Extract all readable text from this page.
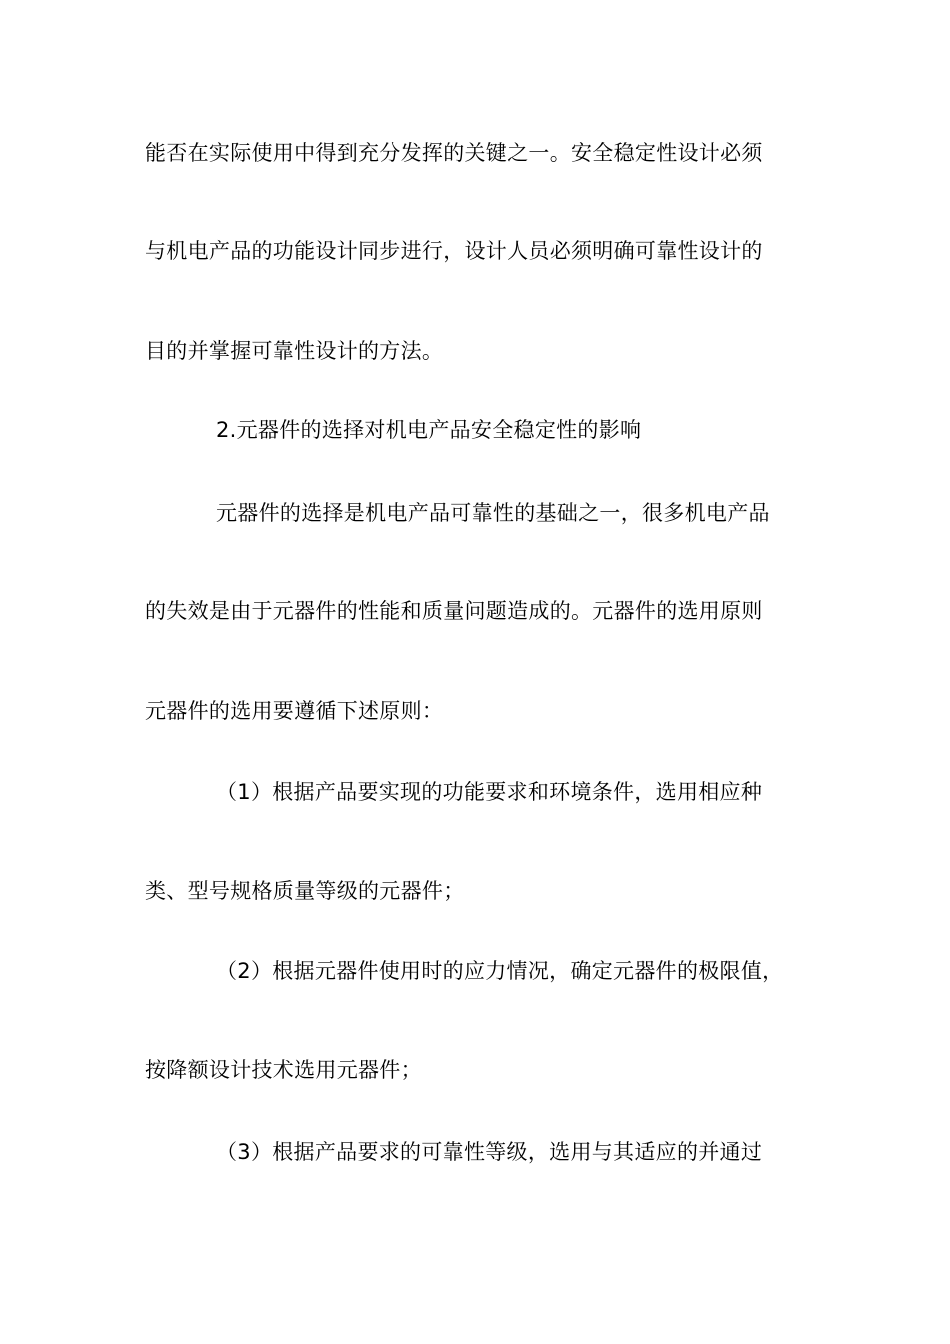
能否在实际使用中得到充分发挥的关键之一。安全稳定性设计必须
与机电产品的功能设计同步进行，设计人员必须明确可靠性设计的
目的并掌握可靠性设计的方法。
2.元器件的选择对机电产品安全稳定性的影响
元器件的选择是机电产品可靠性的基础之一，很多机电产品
的失效是由于元器件的性能和质量问题造成的。元器件的选用原则
元器件的选用要遵循下述原则：
（1）根据产品要实现的功能要求和环境条件，选用相应种
类、型号规格质量等级的元器件；
（2）根据元器件使用时的应力情况，确定元器件的极限值，
按降额设计技术选用元器件；
（3）根据产品要求的可靠性等级，选用与其适应的并通过
